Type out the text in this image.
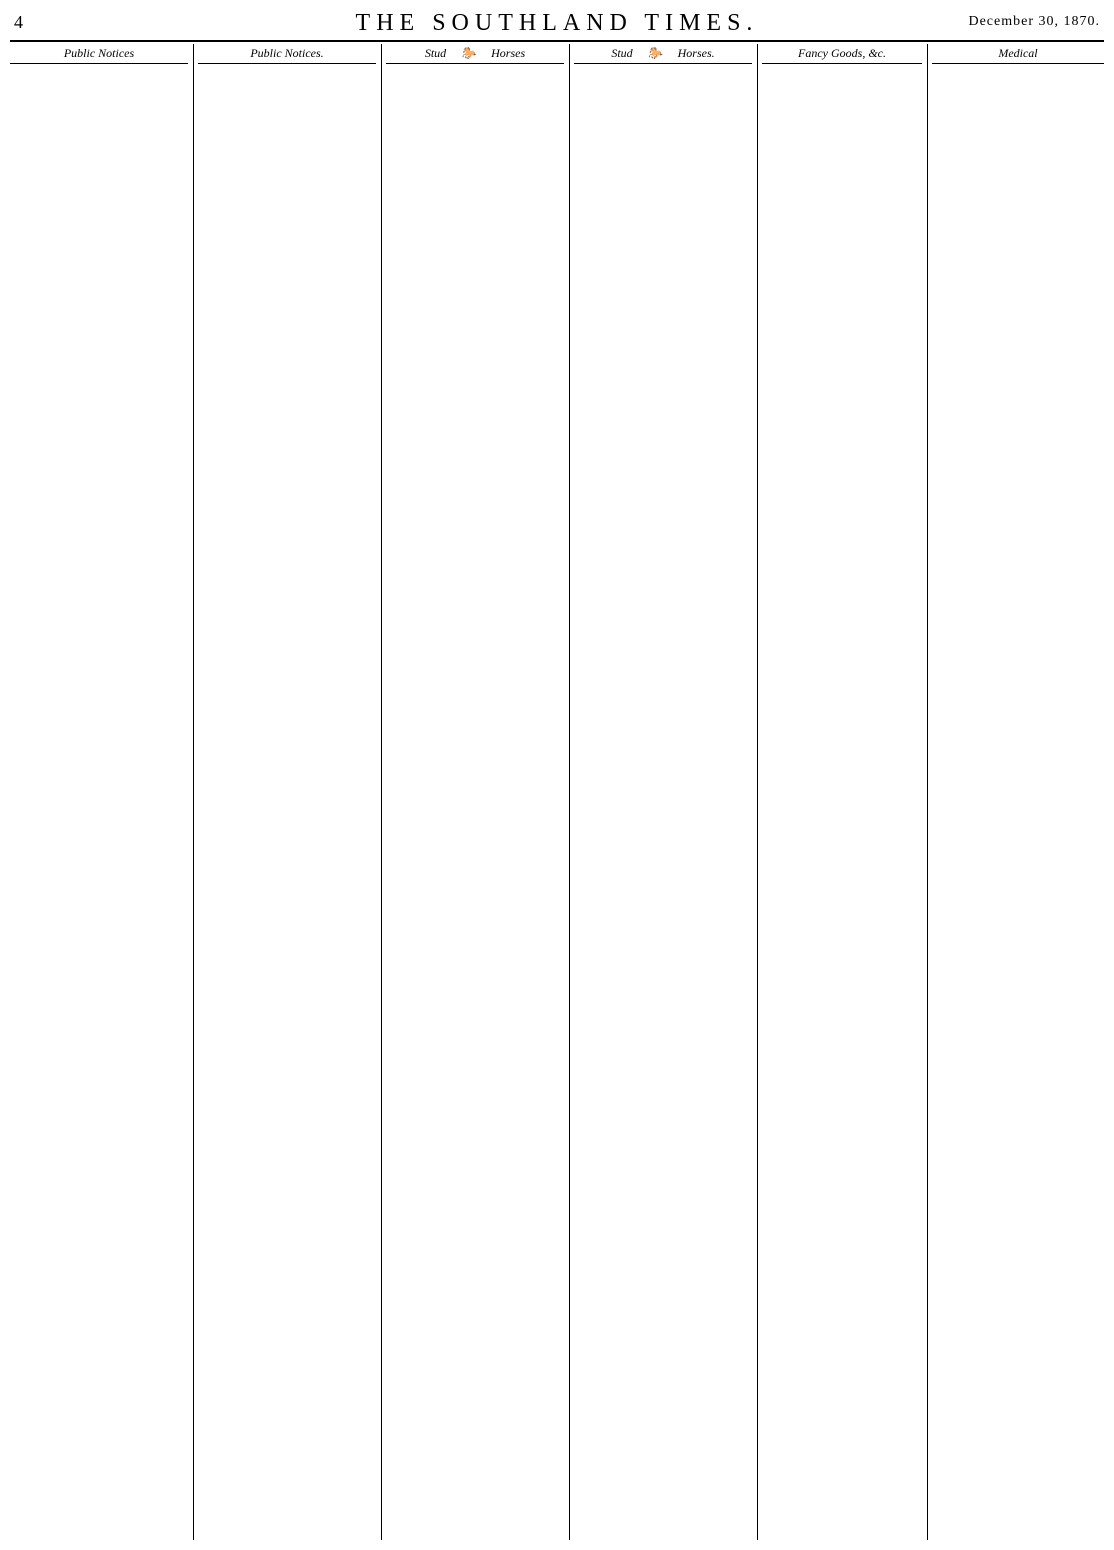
4	THE SOUTHLAND TIMES.	December 30, 1870.
Public Notices	Public Notices.	Stud  🐎  Horses	Stud  🐎  Horses.	Fancy Goods, &c.	Medical
